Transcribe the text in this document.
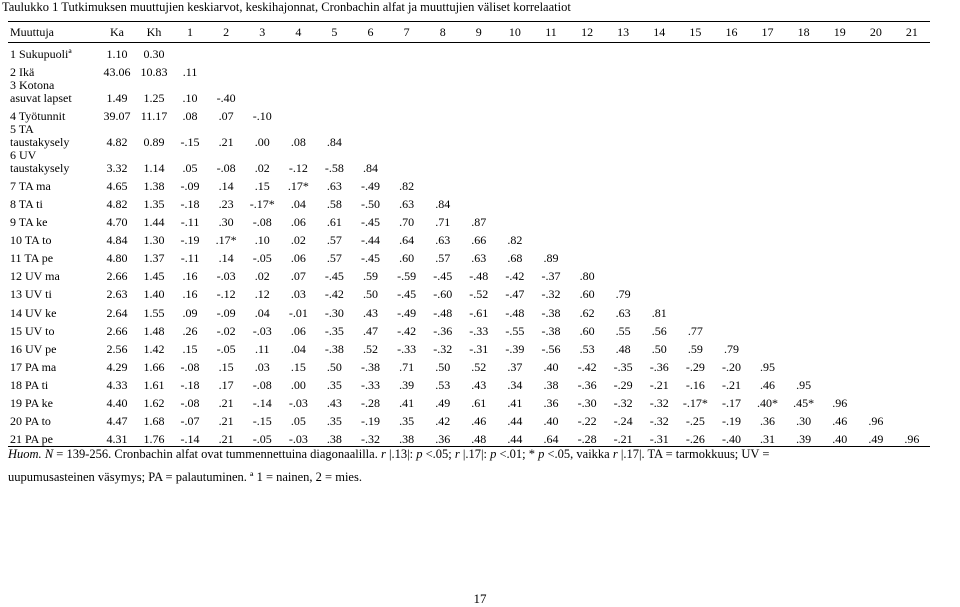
Taulukko 1 Tutkimuksen muuttujien keskiarvot, keskihajonnat, Cronbachin alfat ja muuttujien väliset korrelaatiot
Muuttuja	Ka	Kh	1	2	3	4	5	6	7	8	9	10	11	12	13	14	15	16	17	18	19	20	21

1 Sukupuoliª	1.10	0.30																					

2 Ikä	43.06	10.83	.11																				

3 Kotona
asuvat lapset	1.49	1.25	.10	-.40																			

4 Työtunnit	39.07	11.17	.08	.07	-.10																		

5 TA
taustakysely	4.82	0.89	-.15	.21	.00	.08	.84																

6 UV
taustakysely	3.32	1.14	.05	-.08	.02	-.12	-.58	.84															

7 TA ma	4.65	1.38	-.09	.14	.15	.17*	.63	-.49	.82														

8 TA ti	4.82	1.35	-.18	.23	-.17*	.04	.58	-.50	.63	.84													

9 TA ke	4.70	1.44	-.11	.30	-.08	.06	.61	-.45	.70	.71	.87												

10 TA to	4.84	1.30	-.19	.17*	.10	.02	.57	-.44	.64	.63	.66	.82											

11 TA pe	4.80	1.37	-.11	.14	-.05	.06	.57	-.45	.60	.57	.63	.68	.89										

12 UV ma	2.66	1.45	.16	-.03	.02	.07	-.45	.59	-.59	-.45	-.48	-.42	-.37	.80									

13 UV ti	2.63	1.40	.16	-.12	.12	.03	-.42	.50	-.45	-.60	-.52	-.47	-.32	.60	.79								

14 UV ke	2.64	1.55	.09	-.09	.04	-.01	-.30	.43	-.49	-.48	-.61	-.48	-.38	.62	.63	.81							

15 UV to	2.66	1.48	.26	-.02	-.03	.06	-.35	.47	-.42	-.36	-.33	-.55	-.38	.60	.55	.56	.77						

16 UV pe	2.56	1.42	.15	-.05	.11	.04	-.38	.52	-.33	-.32	-.31	-.39	-.56	.53	.48	.50	.59	.79					

17 PA ma	4.29	1.66	-.08	.15	.03	.15	.50	-.38	.71	.50	.52	.37	.40	-.42	-.35	-.36	-.29	-.20	.95				

18 PA ti	4.33	1.61	-.18	.17	-.08	.00	.35	-.33	.39	.53	.43	.34	.38	-.36	-.29	-.21	-.16	-.21	.46	.95			

19 PA ke	4.40	1.62	-.08	.21	-.14	-.03	.43	-.28	.41	.49	.61	.41	.36	-.30	-.32	-.32	-.17*	-.17	.40*	.45*	.96		

20 PA to	4.47	1.68	-.07	.21	-.15	.05	.35	-.19	.35	.42	.46	.44	.40	-.22	-.24	-.32	-.25	-.19	.36	.30	.46	.96	

21 PA pe	4.31	1.76	-.14	.21	-.05	-.03	.38	-.32	.38	.36	.48	.44	.64	-.28	-.21	-.31	-.26	-.40	.31	.39	.40	.49	.96
Huom. N = 139-256. Cronbachin alfat ovat tummennettuina diagonaalilla. r |.13|: p <.05; r |.17|: p <.01; * p <.05, vaikka r |.17|. TA = tarmokkuus; UV =
uupumusasteinen väsymys; PA = palautuminen. ª 1 = nainen, 2 = mies.
17
